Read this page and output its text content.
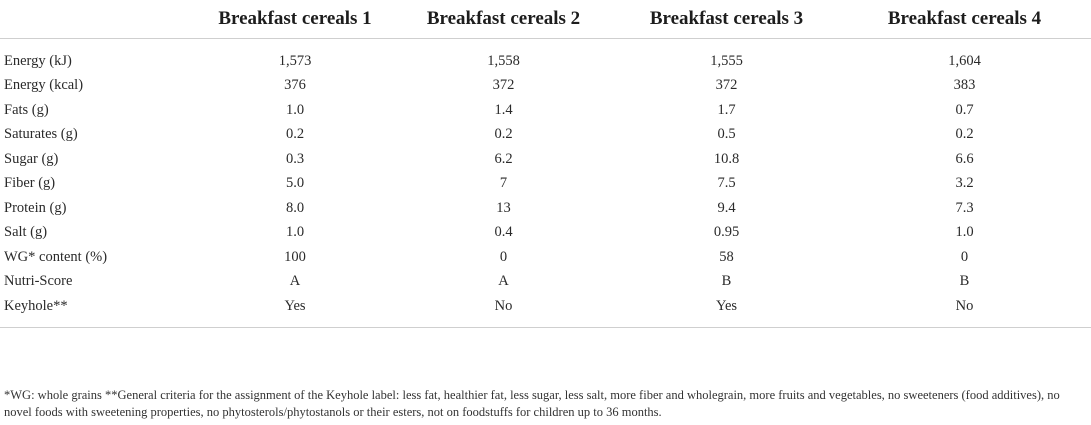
	Breakfast cereals 1	Breakfast cereals 2	Breakfast cereals 3	Breakfast cereals 4
Energy (kJ)	1,573	1,558	1,555	1,604
Energy (kcal)	376	372	372	383
Fats (g)	1.0	1.4	1.7	0.7
Saturates (g)	0.2	0.2	0.5	0.2
Sugar (g)	0.3	6.2	10.8	6.6
Fiber (g)	5.0	7	7.5	3.2
Protein (g)	8.0	13	9.4	7.3
Salt (g)	1.0	0.4	0.95	1.0
WG* content (%)	100	0	58	0
Nutri-Score	A	A	B	B
Keyhole**	Yes	No	Yes	No
*WG: whole grains **General criteria for the assignment of the Keyhole label: less fat, healthier fat, less sugar, less salt, more fiber and wholegrain, more fruits and vegetables, no sweeteners (food additives), no novel foods with sweetening properties, no phytosterols/phytostanols or their esters, not on foodstuffs for children up to 36 months.
